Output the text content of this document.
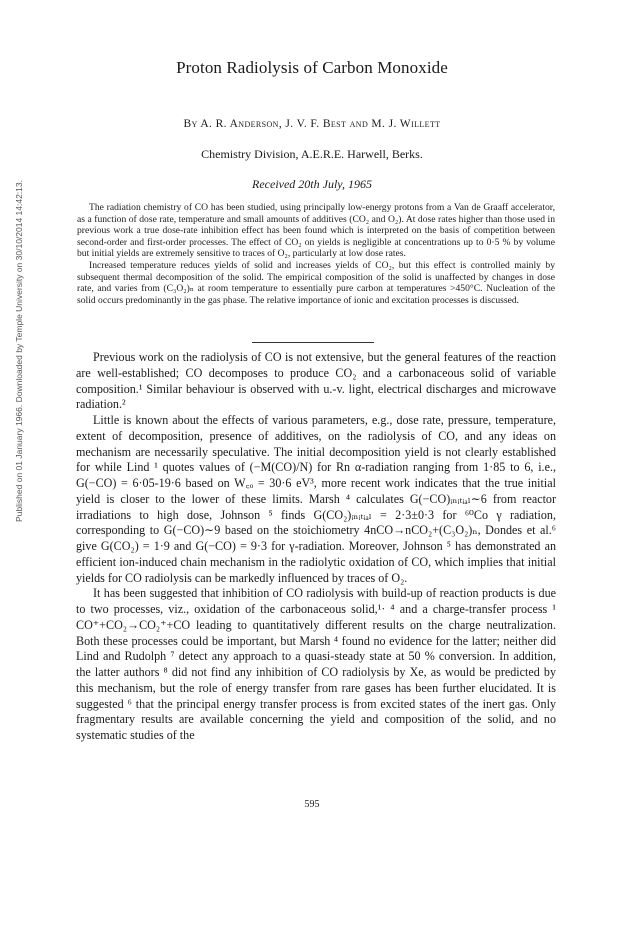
Published on 01 January 1966. Downloaded by Temple University on 30/10/2014 14:42:13.
Proton Radiolysis of Carbon Monoxide
By A. R. Anderson, J. V. F. Best and M. J. Willett
Chemistry Division, A.E.R.E. Harwell, Berks.
Received 20th July, 1965

The radiation chemistry of CO has been studied, using principally low-energy protons from a Van de Graaff accelerator, as a function of dose rate, temperature and small amounts of additives (CO₂ and O₂). At dose rates higher than those used in previous work a true dose-rate inhibition effect has been found which is interpreted on the basis of competition between second-order and first-order processes. The effect of CO₂ on yields is negligible at concentrations up to 0·5 % by volume but initial yields are extremely sensitive to traces of O₂, particularly at low dose rates.

Increased temperature reduces yields of solid and increases yields of CO₂, but this effect is controlled mainly by subsequent thermal decomposition of the solid. The empirical composition of the solid is unaffected by changes in dose rate, and varies from (C₃O₂)ₙ at room temperature to essentially pure carbon at temperatures >450°C. Nucleation of the solid occurs predominantly in the gas phase. The relative importance of ionic and excitation processes is discussed.

Previous work on the radiolysis of CO is not extensive, but the general features of the reaction are well-established; CO decomposes to produce CO₂ and a carbonaceous solid of variable composition.¹ Similar behaviour is observed with u.-v. light, electrical discharges and microwave radiation.²

Little is known about the effects of various parameters, e.g., dose rate, pressure, temperature, extent of decomposition, presence of additives, on the radiolysis of CO, and any ideas on mechanism are necessarily speculative. The initial decomposition yield is not clearly established for while Lind ¹ quotes values of (−M(CO)/N) for Rn α-radiation ranging from 1·85 to 6, i.e., G(−CO) = 6·05-19·6 based on W꜀ₒ = 30·6 eV³, more recent work indicates that the true initial yield is closer to the lower of these limits. Marsh ⁴ calculates G(−CO)ᵢₙᵢₜᵢₐₗ∼6 from reactor irradiations to high dose, Johnson ⁵ finds G(CO₂)ᵢₙᵢₜᵢₐₗ = 2·3±0·3 for ⁶⁰Co γ radiation, corresponding to G(−CO)∼9 based on the stoichiometry 4nCO→nCO₂+(C₃O₂)ₙ, Dondes et al.⁶ give G(CO₂) = 1·9 and G(−CO) = 9·3 for γ-radiation. Moreover, Johnson ⁵ has demonstrated an efficient ion-induced chain mechanism in the radiolytic oxidation of CO, which implies that initial yields for CO radiolysis can be markedly influenced by traces of O₂.

It has been suggested that inhibition of CO radiolysis with build-up of reaction products is due to two processes, viz., oxidation of the carbonaceous solid,¹· ⁴ and a charge-transfer process ¹ CO⁺+CO₂→CO₂⁺+CO leading to quantitatively different results on the charge neutralization. Both these processes could be important, but Marsh ⁴ found no evidence for the latter; neither did Lind and Rudolph ⁷ detect any approach to a quasi-steady state at 50 % conversion. In addition, the latter authors ⁸ did not find any inhibition of CO radiolysis by Xe, as would be predicted by this mechanism, but the role of energy transfer from rare gases has been further elucidated. It is suggested ⁶ that the principal energy transfer process is from excited states of the inert gas. Only fragmentary results are available concerning the yield and composition of the solid, and no systematic studies of the

595
